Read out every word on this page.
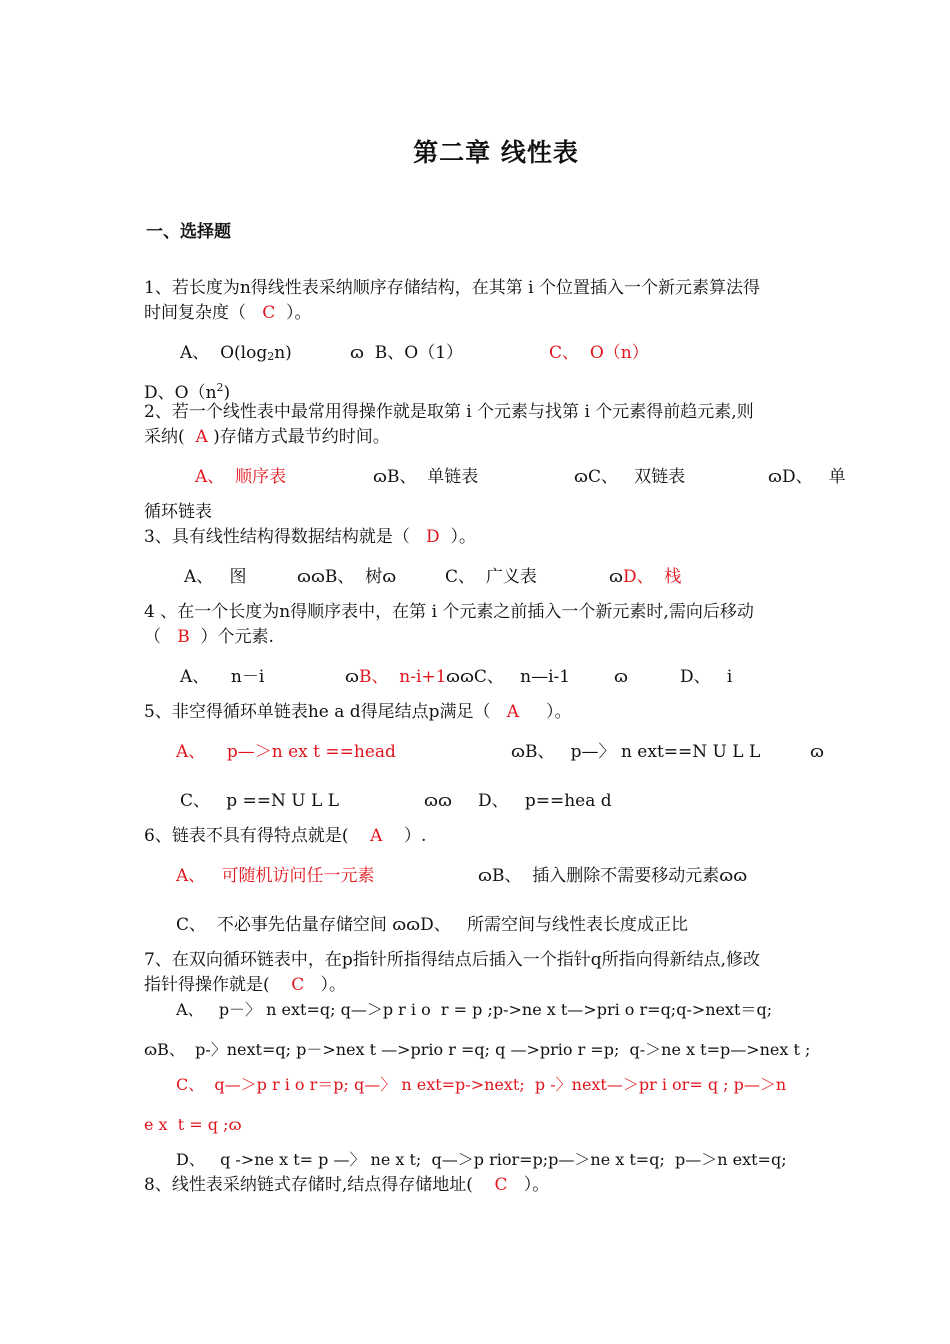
第二章 线性表
一、选择题
1、若长度为n得线性表采纳顺序存储结构，在其第 i 个位置插入一个新元素算法得
时间复杂度（   C  ）。
A、  O(log2n)	ɷ  B、O（1）	C、  O（n）
D、$O(n^2)$
2、若一个线性表中最常用得操作就是取第 i 个元素与找第 i 个元素得前趋元素,则
采纳(  A )存储方式最节约时间。
A、  顺序表	ɷB、  单链表	ɷC、   双链表	ɷD、   单
循环链表
3、具有线性结构得数据结构就是（   D  ）。
A、   图	ɷɷB、  树ɷ	C、  广义表	ɷD、  栈
4 、在一个长度为n得顺序表中，在第 i 个元素之前插入一个新元素时,需向后移动
（   B  ）个元素.
A、    n－i	ɷB、  n-i+1 ɷɷC、   n—i-1	ɷ	D、   i
5、非空得循环单链表he a d得尾结点p满足（   A     ）。
A、    p—＞n ex t ==head	ɷB、   p—〉 n ext==N U L L	ɷ
C、   p ==N U L L	ɷɷ D、   p==hea d
6、链表不具有得特点就是(    A    ）.
A、   可随机访问任一元素	ɷB、  插入删除不需要移动元素ɷɷ
C、  不必事先估量存储空间 ɷɷD、   所需空间与线性表长度成正比
7、在双向循环链表中，在p指针所指得结点后插入一个指针q所指向得新结点,修改
指针得操作就是(    C   ）。
A、   p－〉 n ext=q; q—＞p r i o  r = p ;p->ne x t—>pri o r=q;q->next＝q;
ɷB、  p-〉next=q; p－>nex t —>prio r =q; q —>prio r =p;  q-＞ne x t=p—>nex t ;
C、  q—＞p r i o r＝p; q—〉 n ext=p->next;  p -〉next—＞pr i or= q ; p—＞n
e x  t = q ;ɷ
D、   q ->ne x t= p —〉 ne x t;  q—＞p rior=p;p—＞ne x t=q;  p—＞n ext=q;
8、线性表采纳链式存储时,结点得存储地址(    C   ）。
